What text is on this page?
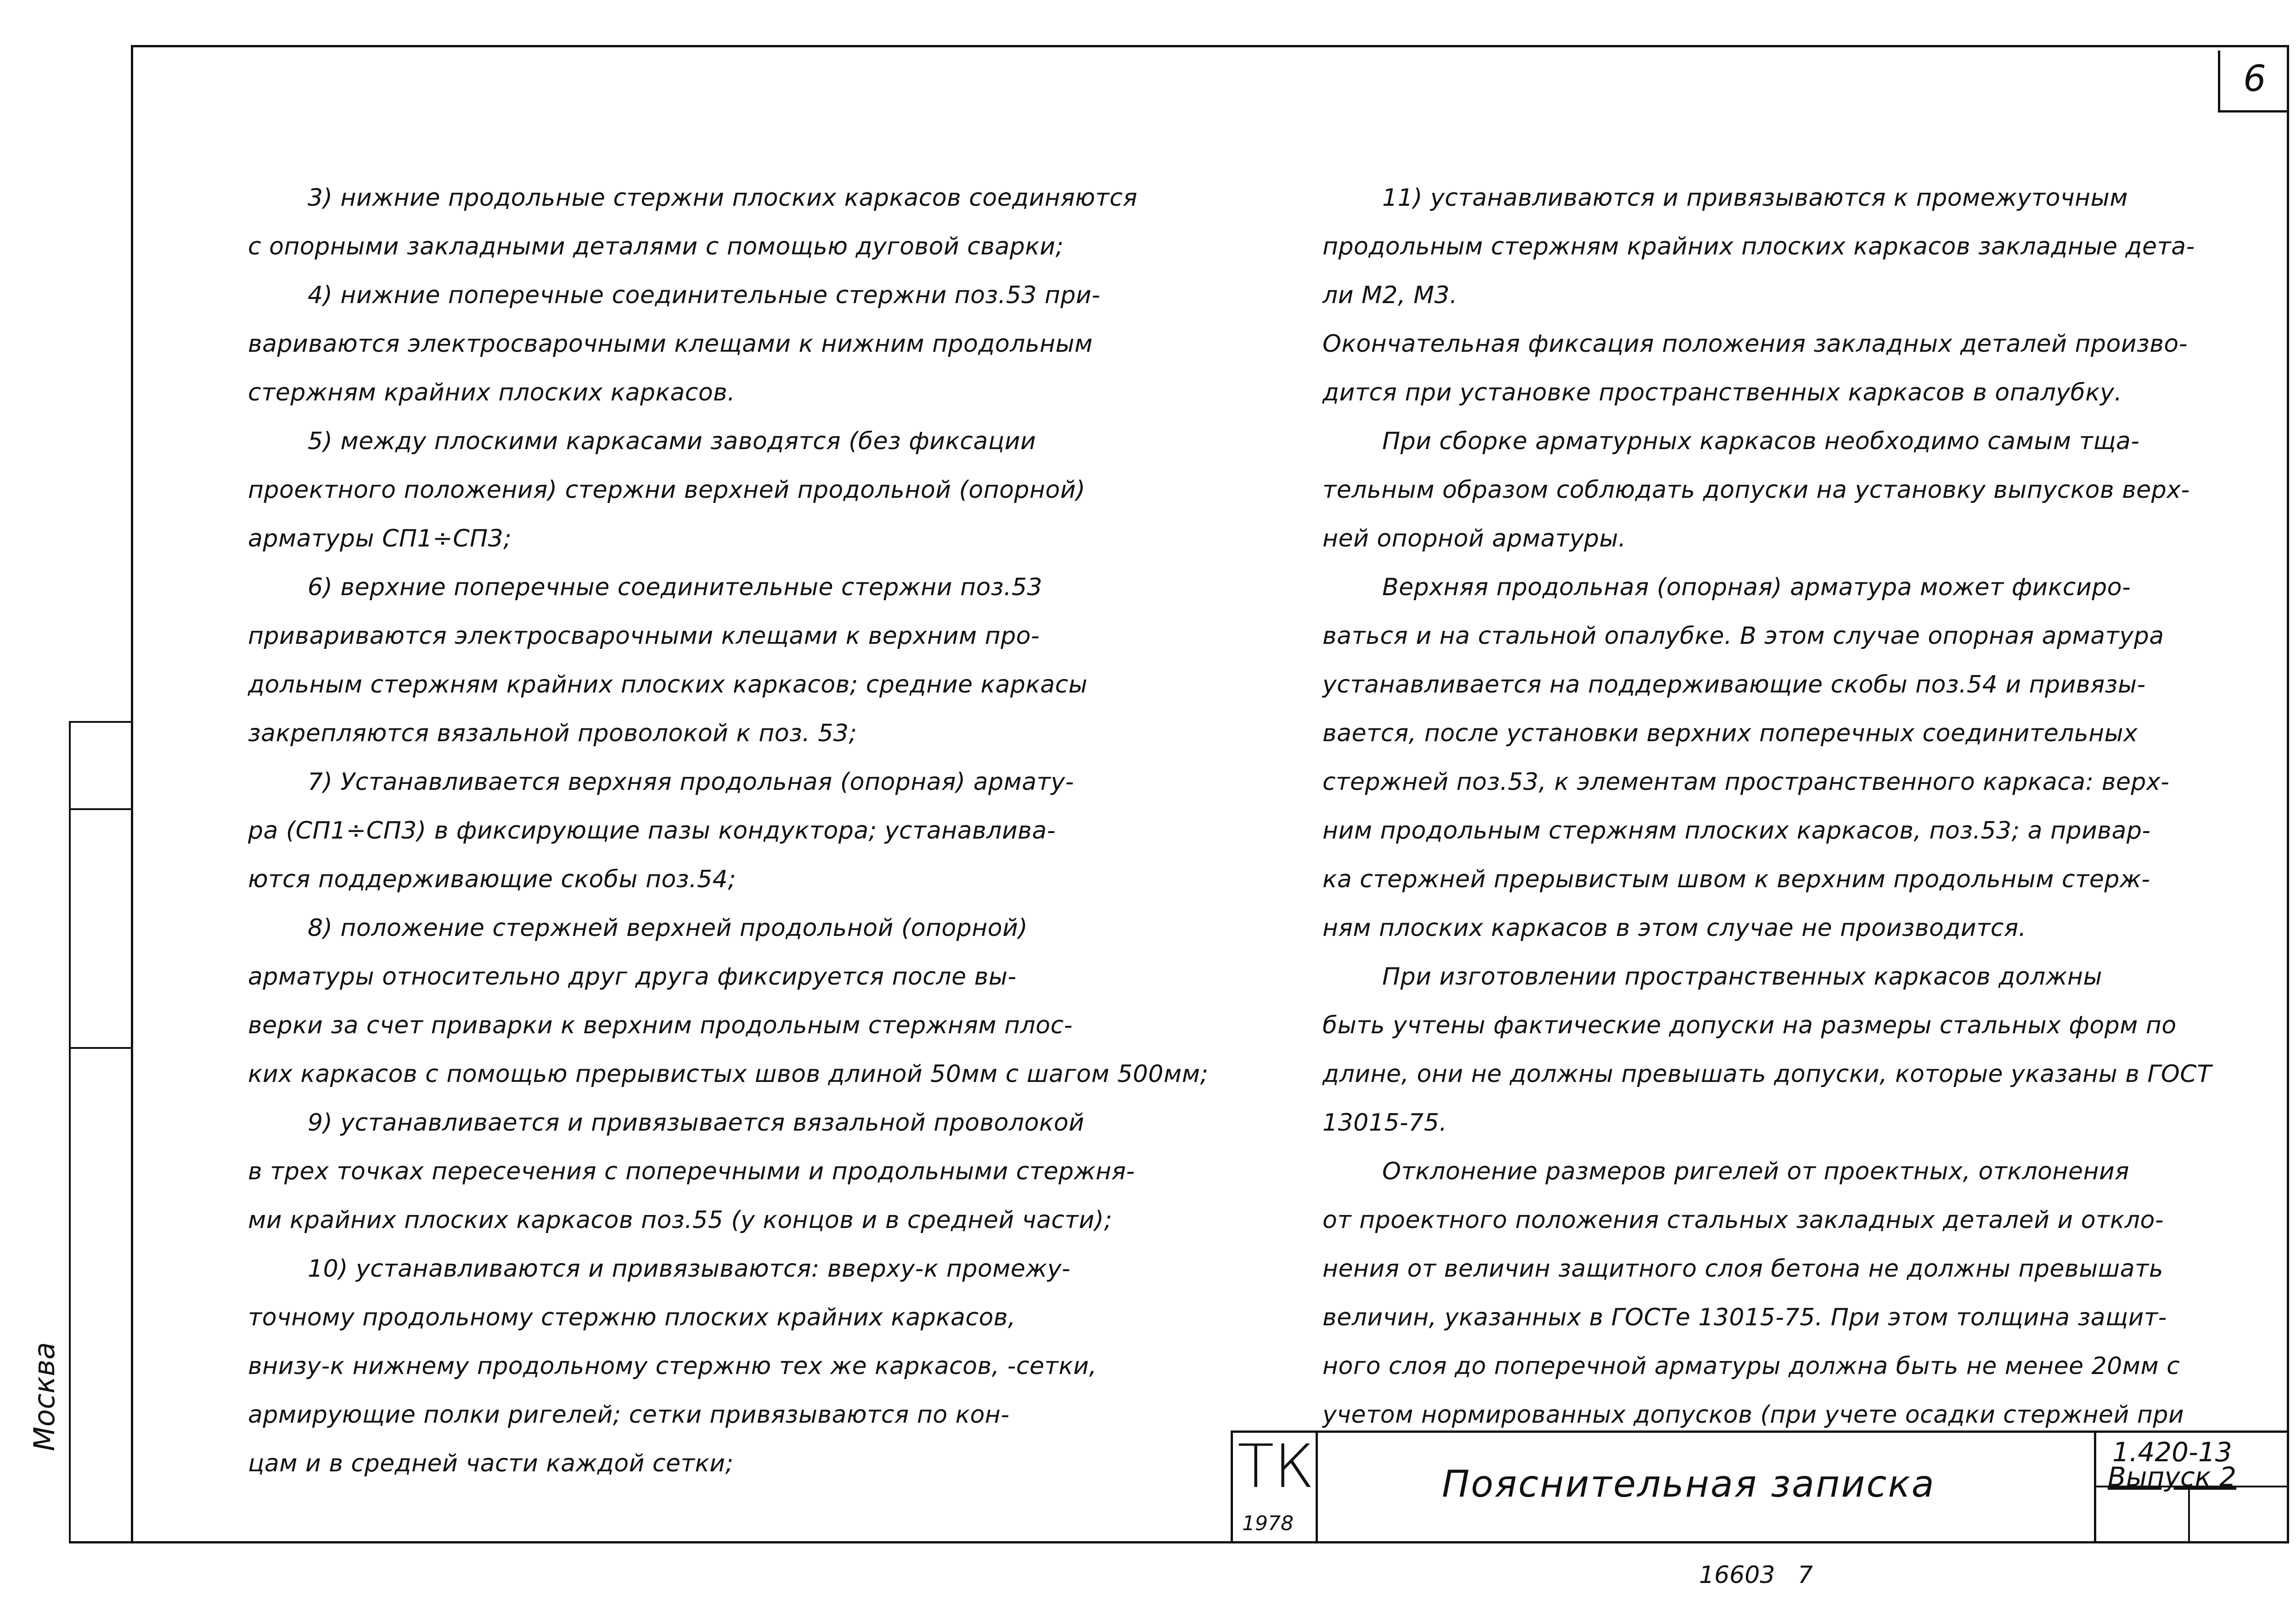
Москва
6
3) нижние продольные стержни плоских каркасов соединяются
с опорными закладными деталями с помощью дуговой сварки;
4) нижние поперечные соединительные стержни поз.53 при-
вариваются электросварочными клещами к нижним продольным
стержням крайних плоских каркасов.
5) между плоскими каркасами заводятся (без фиксации
проектного положения) стержни верхней продольной (опорной)
арматуры СП1÷СП3;
6) верхние поперечные соединительные стержни поз.53
привариваются электросварочными клещами к верхним про-
дольным стержням крайних плоских каркасов; средние каркасы
закрепляются вязальной проволокой к поз. 53;
7) Устанавливается верхняя продольная (опорная) армату-
ра (СП1÷СП3) в фиксирующие пазы кондуктора; устанавлива-
ются поддерживающие скобы поз.54;
8) положение стержней верхней продольной (опорной)
арматуры относительно друг друга фиксируется после вы-
верки за счет приварки к верхним продольным стержням плос-
ких каркасов с помощью прерывистых швов длиной 50мм с шагом 500мм;
9) устанавливается и привязывается вязальной проволокой
в трех точках пересечения с поперечными и продольными стержня-
ми крайних плоских каркасов поз.55 (у концов и в средней части);
10) устанавливаются и привязываются: вверху-к промежу-
точному продольному стержню плоских крайних каркасов,
внизу-к нижнему продольному стержню тех же каркасов, -сетки,
армирующие полки ригелей; сетки привязываются по кон-
цам и в средней части каждой сетки;
11) устанавливаются и привязываются к промежуточным
продольным стержням крайних плоских каркасов закладные дета-
ли М2, М3.
Окончательная фиксация положения закладных деталей произво-
дится при установке пространственных каркасов в опалубку.
При сборке арматурных каркасов необходимо самым тща-
тельным образом соблюдать допуски на установку выпусков верх-
ней опорной арматуры.
Верхняя продольная (опорная) арматура может фиксиро-
ваться и на стальной опалубке. В этом случае опорная арматура
устанавливается на поддерживающие скобы поз.54 и привязы-
вается, после установки верхних поперечных соединительных
стержней поз.53, к элементам пространственного каркаса: верх-
ним продольным стержням плоских каркасов, поз.53; а привар-
ка стержней прерывистым швом к верхним продольным стерж-
ням плоских каркасов в этом случае не производится.
При изготовлении пространственных каркасов должны
быть учтены фактические допуски на размеры стальных форм по
длине, они не должны превышать допуски, которые указаны в ГОСТ
13015-75.
Отклонение размеров ригелей от проектных, отклонения
от проектного положения стальных закладных деталей и откло-
нения от величин защитного слоя бетона не должны превышать
величин, указанных в ГОСТе 13015-75. При этом толщина защит-
ного слоя до поперечной арматуры должна быть не менее 20мм с
учетом нормированных допусков (при учете осадки стержней при
ТК
1978
Пояснительная записка
1.420-13
Выпуск 2
16603   7
